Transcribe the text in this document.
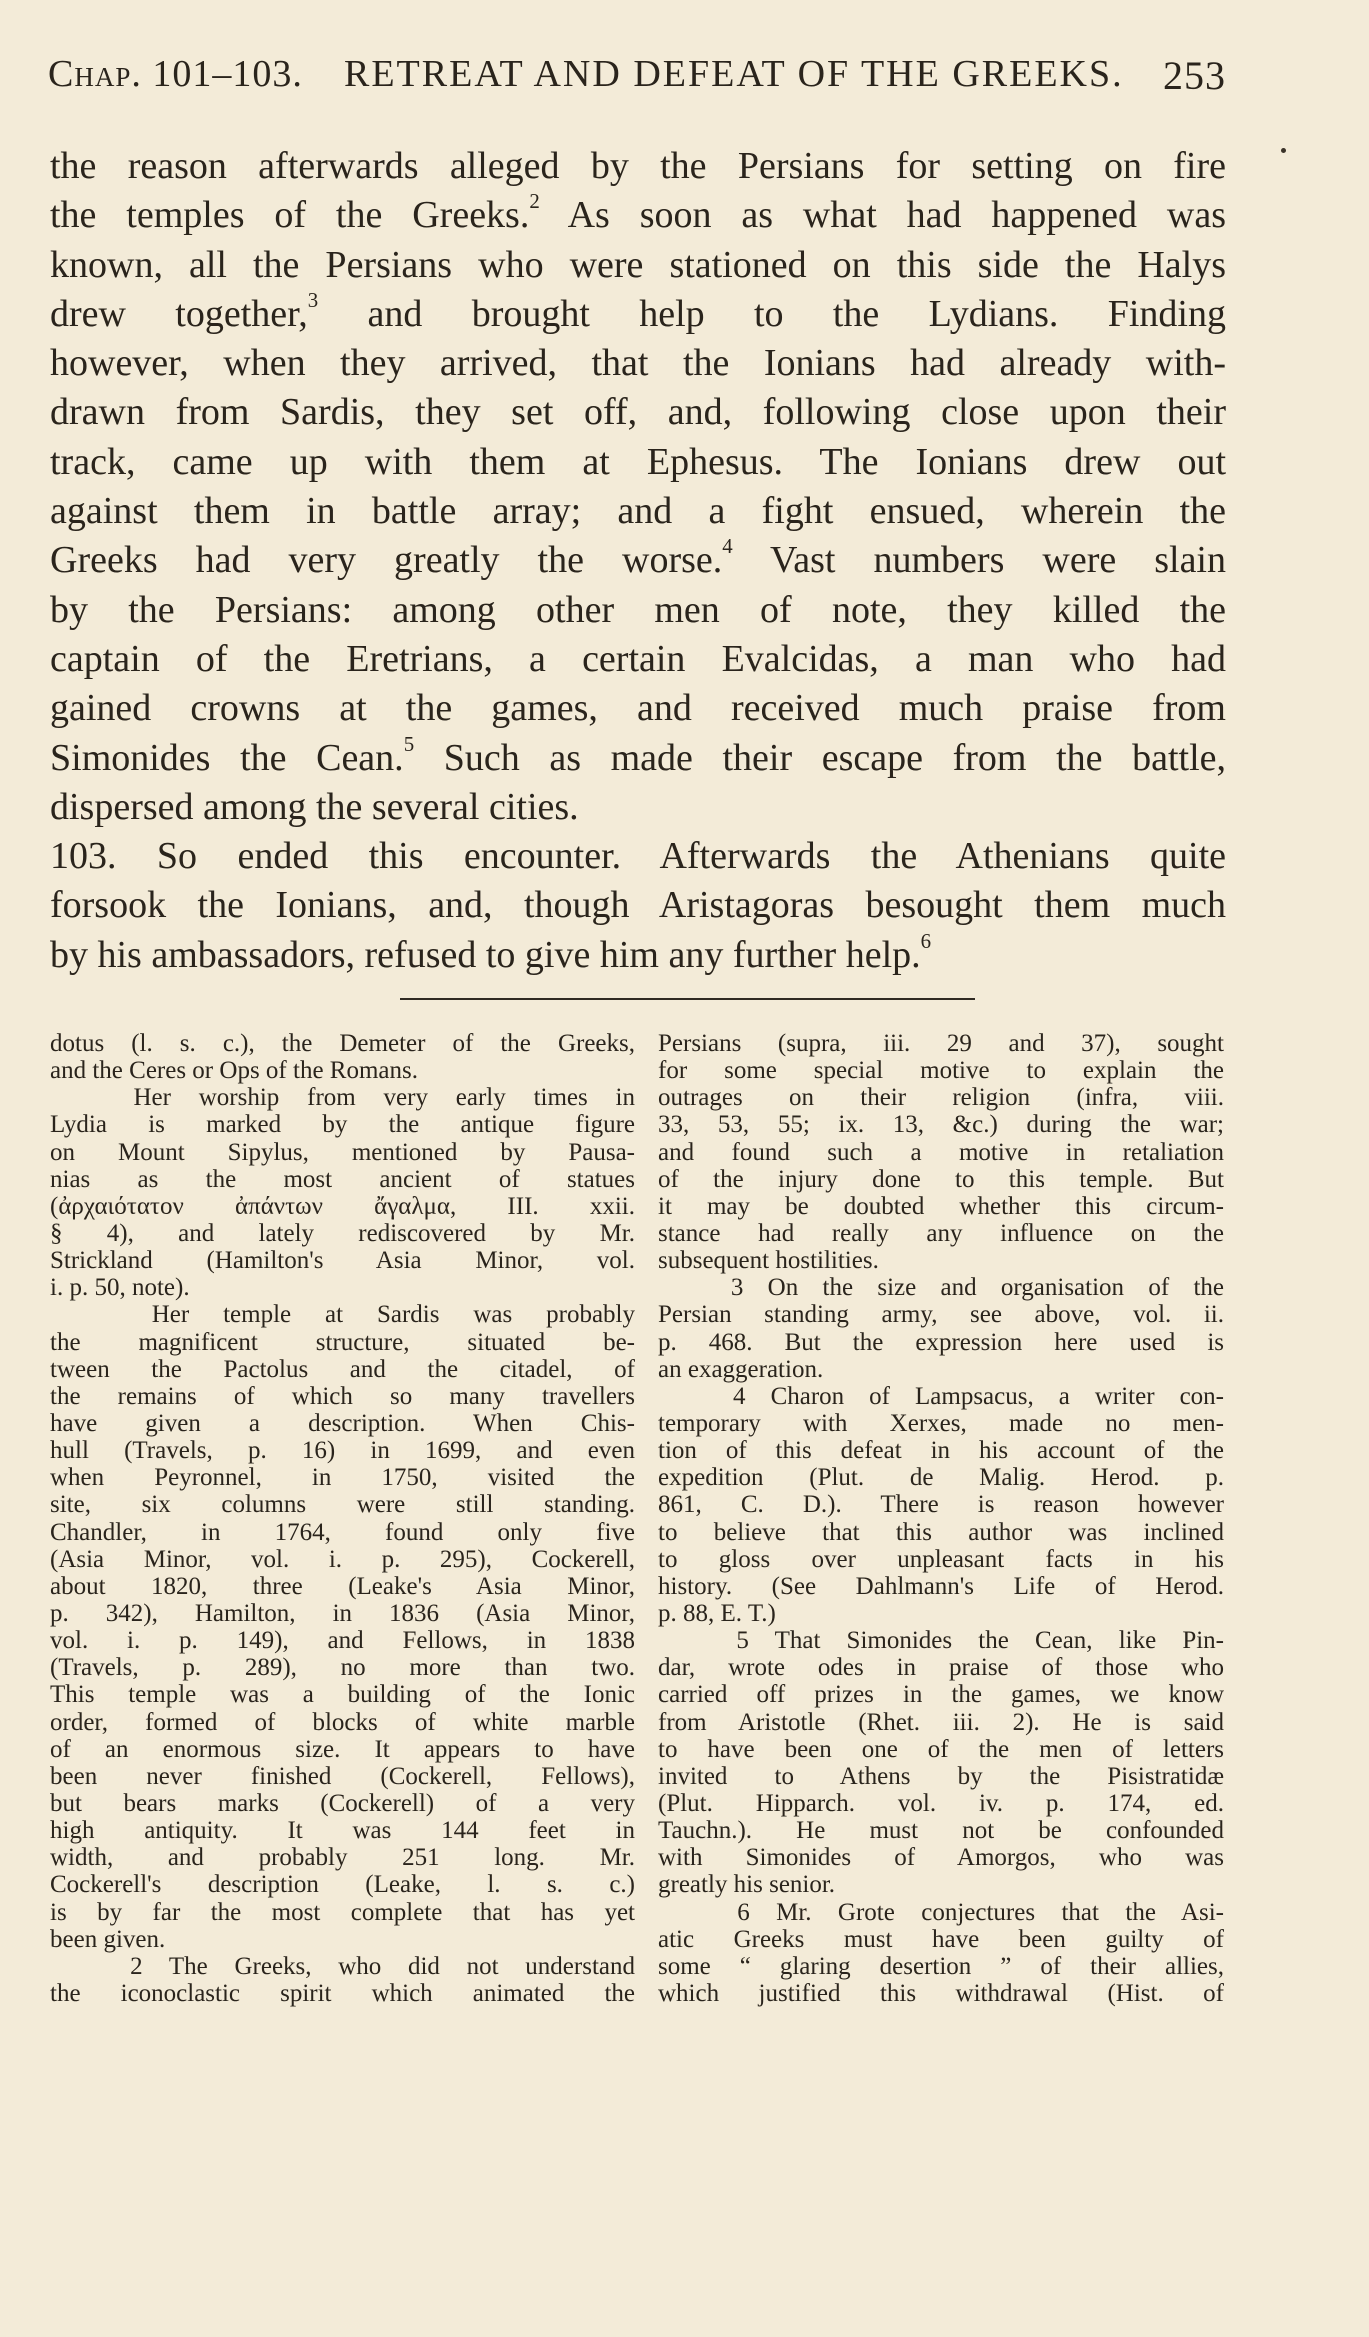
Chap. 101–103. RETREAT AND DEFEAT OF THE GREEKS. 253
the reason afterwards alleged by the Persians for setting on fire
the temples of the Greeks.$^2$ As soon as what had happened was
known, all the Persians who were stationed on this side the Halys
drew together,$^3$ and brought help to the Lydians. Finding
however, when they arrived, that the Ionians had already with-
drawn from Sardis, they set off, and, following close upon their
track, came up with them at Ephesus. The Ionians drew out
against them in battle array; and a fight ensued, wherein the
Greeks had very greatly the worse.$^4$ Vast numbers were slain
by the Persians: among other men of note, they killed the
captain of the Eretrians, a certain Evalcidas, a man who had
gained crowns at the games, and received much praise from
Simonides the Cean.$^5$ Such as made their escape from the battle,
dispersed among the several cities.
103. So ended this encounter. Afterwards the Athenians quite
forsook the Ionians, and, though Aristagoras besought them much
by his ambassadors, refused to give him any further help.$^6$
dotus (l. s. c.), the Demeter of the Greeks,
and the Ceres or Ops of the Romans.
Her worship from very early times in
Lydia is marked by the antique figure
on Mount Sipylus, mentioned by Pausa-
nias as the most ancient of statues
(ἀρχαιότατον ἀπάντων ἄγαλμα, III. xxii.
§ 4), and lately rediscovered by Mr.
Strickland (Hamilton's Asia Minor, vol.
i. p. 50, note).
Her temple at Sardis was probably
the magnificent structure, situated be-
tween the Pactolus and the citadel, of
the remains of which so many travellers
have given a description. When Chis-
hull (Travels, p. 16) in 1699, and even
when Peyronnel, in 1750, visited the
site, six columns were still standing.
Chandler, in 1764, found only five
(Asia Minor, vol. i. p. 295), Cockerell,
about 1820, three (Leake's Asia Minor,
p. 342), Hamilton, in 1836 (Asia Minor,
vol. i. p. 149), and Fellows, in 1838
(Travels, p. 289), no more than two.
This temple was a building of the Ionic
order, formed of blocks of white marble
of an enormous size. It appears to have
been never finished (Cockerell, Fellows),
but bears marks (Cockerell) of a very
high antiquity. It was 144 feet in
width, and probably 251 long. Mr.
Cockerell's description (Leake, l. s. c.)
is by far the most complete that has yet
been given.
2 The Greeks, who did not understand
the iconoclastic spirit which animated the
Persians (supra, iii. 29 and 37), sought
for some special motive to explain the
outrages on their religion (infra, viii.
33, 53, 55; ix. 13, &c.) during the war;
and found such a motive in retaliation
of the injury done to this temple. But
it may be doubted whether this circum-
stance had really any influence on the
subsequent hostilities.
3 On the size and organisation of the
Persian standing army, see above, vol. ii.
p. 468. But the expression here used is
an exaggeration.
4 Charon of Lampsacus, a writer con-
temporary with Xerxes, made no men-
tion of this defeat in his account of the
expedition (Plut. de Malig. Herod. p.
861, C. D.). There is reason however
to believe that this author was inclined
to gloss over unpleasant facts in his
history. (See Dahlmann's Life of Herod.
p. 88, E. T.)
5 That Simonides the Cean, like Pin-
dar, wrote odes in praise of those who
carried off prizes in the games, we know
from Aristotle (Rhet. iii. 2). He is said
to have been one of the men of letters
invited to Athens by the Pisistratidæ
(Plut. Hipparch. vol. iv. p. 174, ed.
Tauchn.). He must not be confounded
with Simonides of Amorgos, who was
greatly his senior.
6 Mr. Grote conjectures that the Asi-
atic Greeks must have been guilty of
some “ glaring desertion ” of their allies,
which justified this withdrawal (Hist. of
